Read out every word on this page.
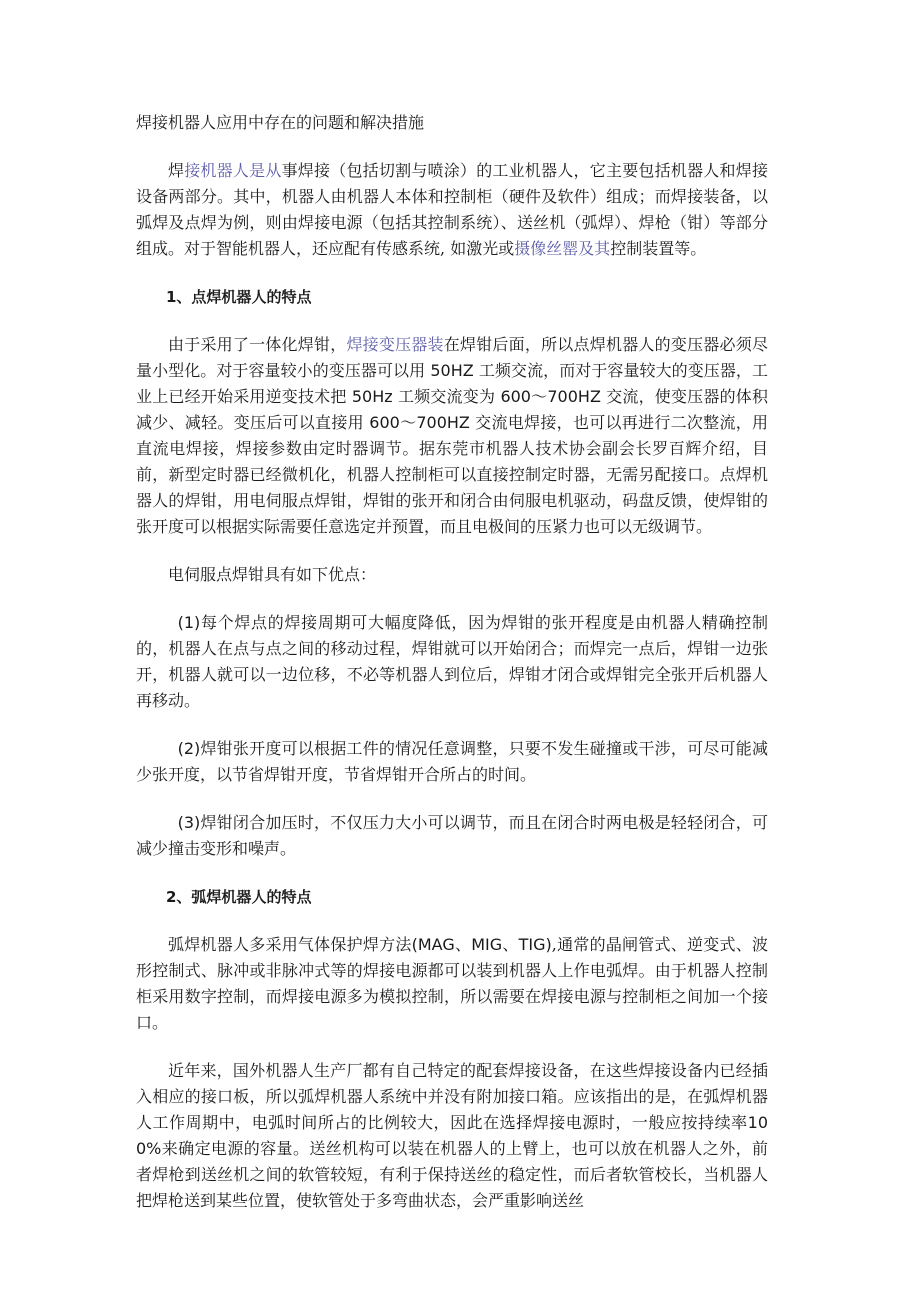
焊接机器人应用中存在的问题和解决措施

焊接机器人是从事焊接（包括切割与喷涂）的工业机器人，它主要包括机器人和焊接设备两部分。其中，机器人由机器人本体和控制柜（硬件及软件）组成；而焊接装备，以弧焊及点焊为例，则由焊接电源（包括其控制系统）、送丝机（弧焊）、焊枪（钳）等部分组成。对于智能机器人，还应配有传感系统, 如激光或摄像丝罂及其控制装置等。

1、点焊机器人的特点

由于采用了一体化焊钳，焊接变压器装在焊钳后面，所以点焊机器人的变压器必须尽量小型化。对于容量较小的变压器可以用 50HZ 工频交流，而对于容量较大的变压器，工业上已经开始采用逆变技术把 50Hz 工频交流变为 600〜700HZ 交流，使变压器的体积减少、减轻。变压后可以直接用 600〜700HZ 交流电焊接，也可以再进行二次整流，用直流电焊接，焊接参数由定时器调节。据东莞市机器人技术协会副会长罗百辉介绍，目前，新型定时器已经微机化，机器人控制柜可以直接控制定时器，无需另配接口。点焊机器人的焊钳，用电伺服点焊钳，焊钳的张开和闭合由伺服电机驱动，码盘反馈，使焊钳的张开度可以根据实际需要任意选定并预置，而且电极间的压紧力也可以无级调节。

电伺服点焊钳具有如下优点：

(1)每个焊点的焊接周期可大幅度降低，因为焊钳的张开程度是由机器人精确控制的，机器人在点与点之间的移动过程，焊钳就可以开始闭合；而焊完一点后，焊钳一边张开，机器人就可以一边位移，不必等机器人到位后，焊钳才闭合或焊钳完全张开后机器人再移动。

(2)焊钳张开度可以根据工件的情况任意调整，只要不发生碰撞或干涉，可尽可能减少张开度，以节省焊钳开度，节省焊钳开合所占的时间。

(3)焊钳闭合加压时，不仅压力大小可以调节，而且在闭合时两电极是轻轻闭合，可减少撞击变形和噪声。

2、弧焊机器人的特点

弧焊机器人多采用气体保护焊方法(MAG、MIG、TIG),通常的晶闸管式、逆变式、波形控制式、脉冲或非脉冲式等的焊接电源都可以装到机器人上作电弧焊。由于机器人控制柜采用数字控制，而焊接电源多为模拟控制，所以需要在焊接电源与控制柜之间加一个接口。

近年来，国外机器人生产厂都有自己特定的配套焊接设备，在这些焊接设备内已经插入相应的接口板，所以弧焊机器人系统中并没有附加接口箱。应该指出的是，在弧焊机器人工作周期中，电弧时间所占的比例较大，因此在选择焊接电源时，一般应按持续率100%来确定电源的容量。送丝机构可以装在机器人的上臂上，也可以放在机器人之外，前者焊枪到送丝机之间的软管较短，有利于保持送丝的稳定性，而后者软管校长，当机器人把焊枪送到某些位置，使软管处于多弯曲状态，会严重影响送丝
